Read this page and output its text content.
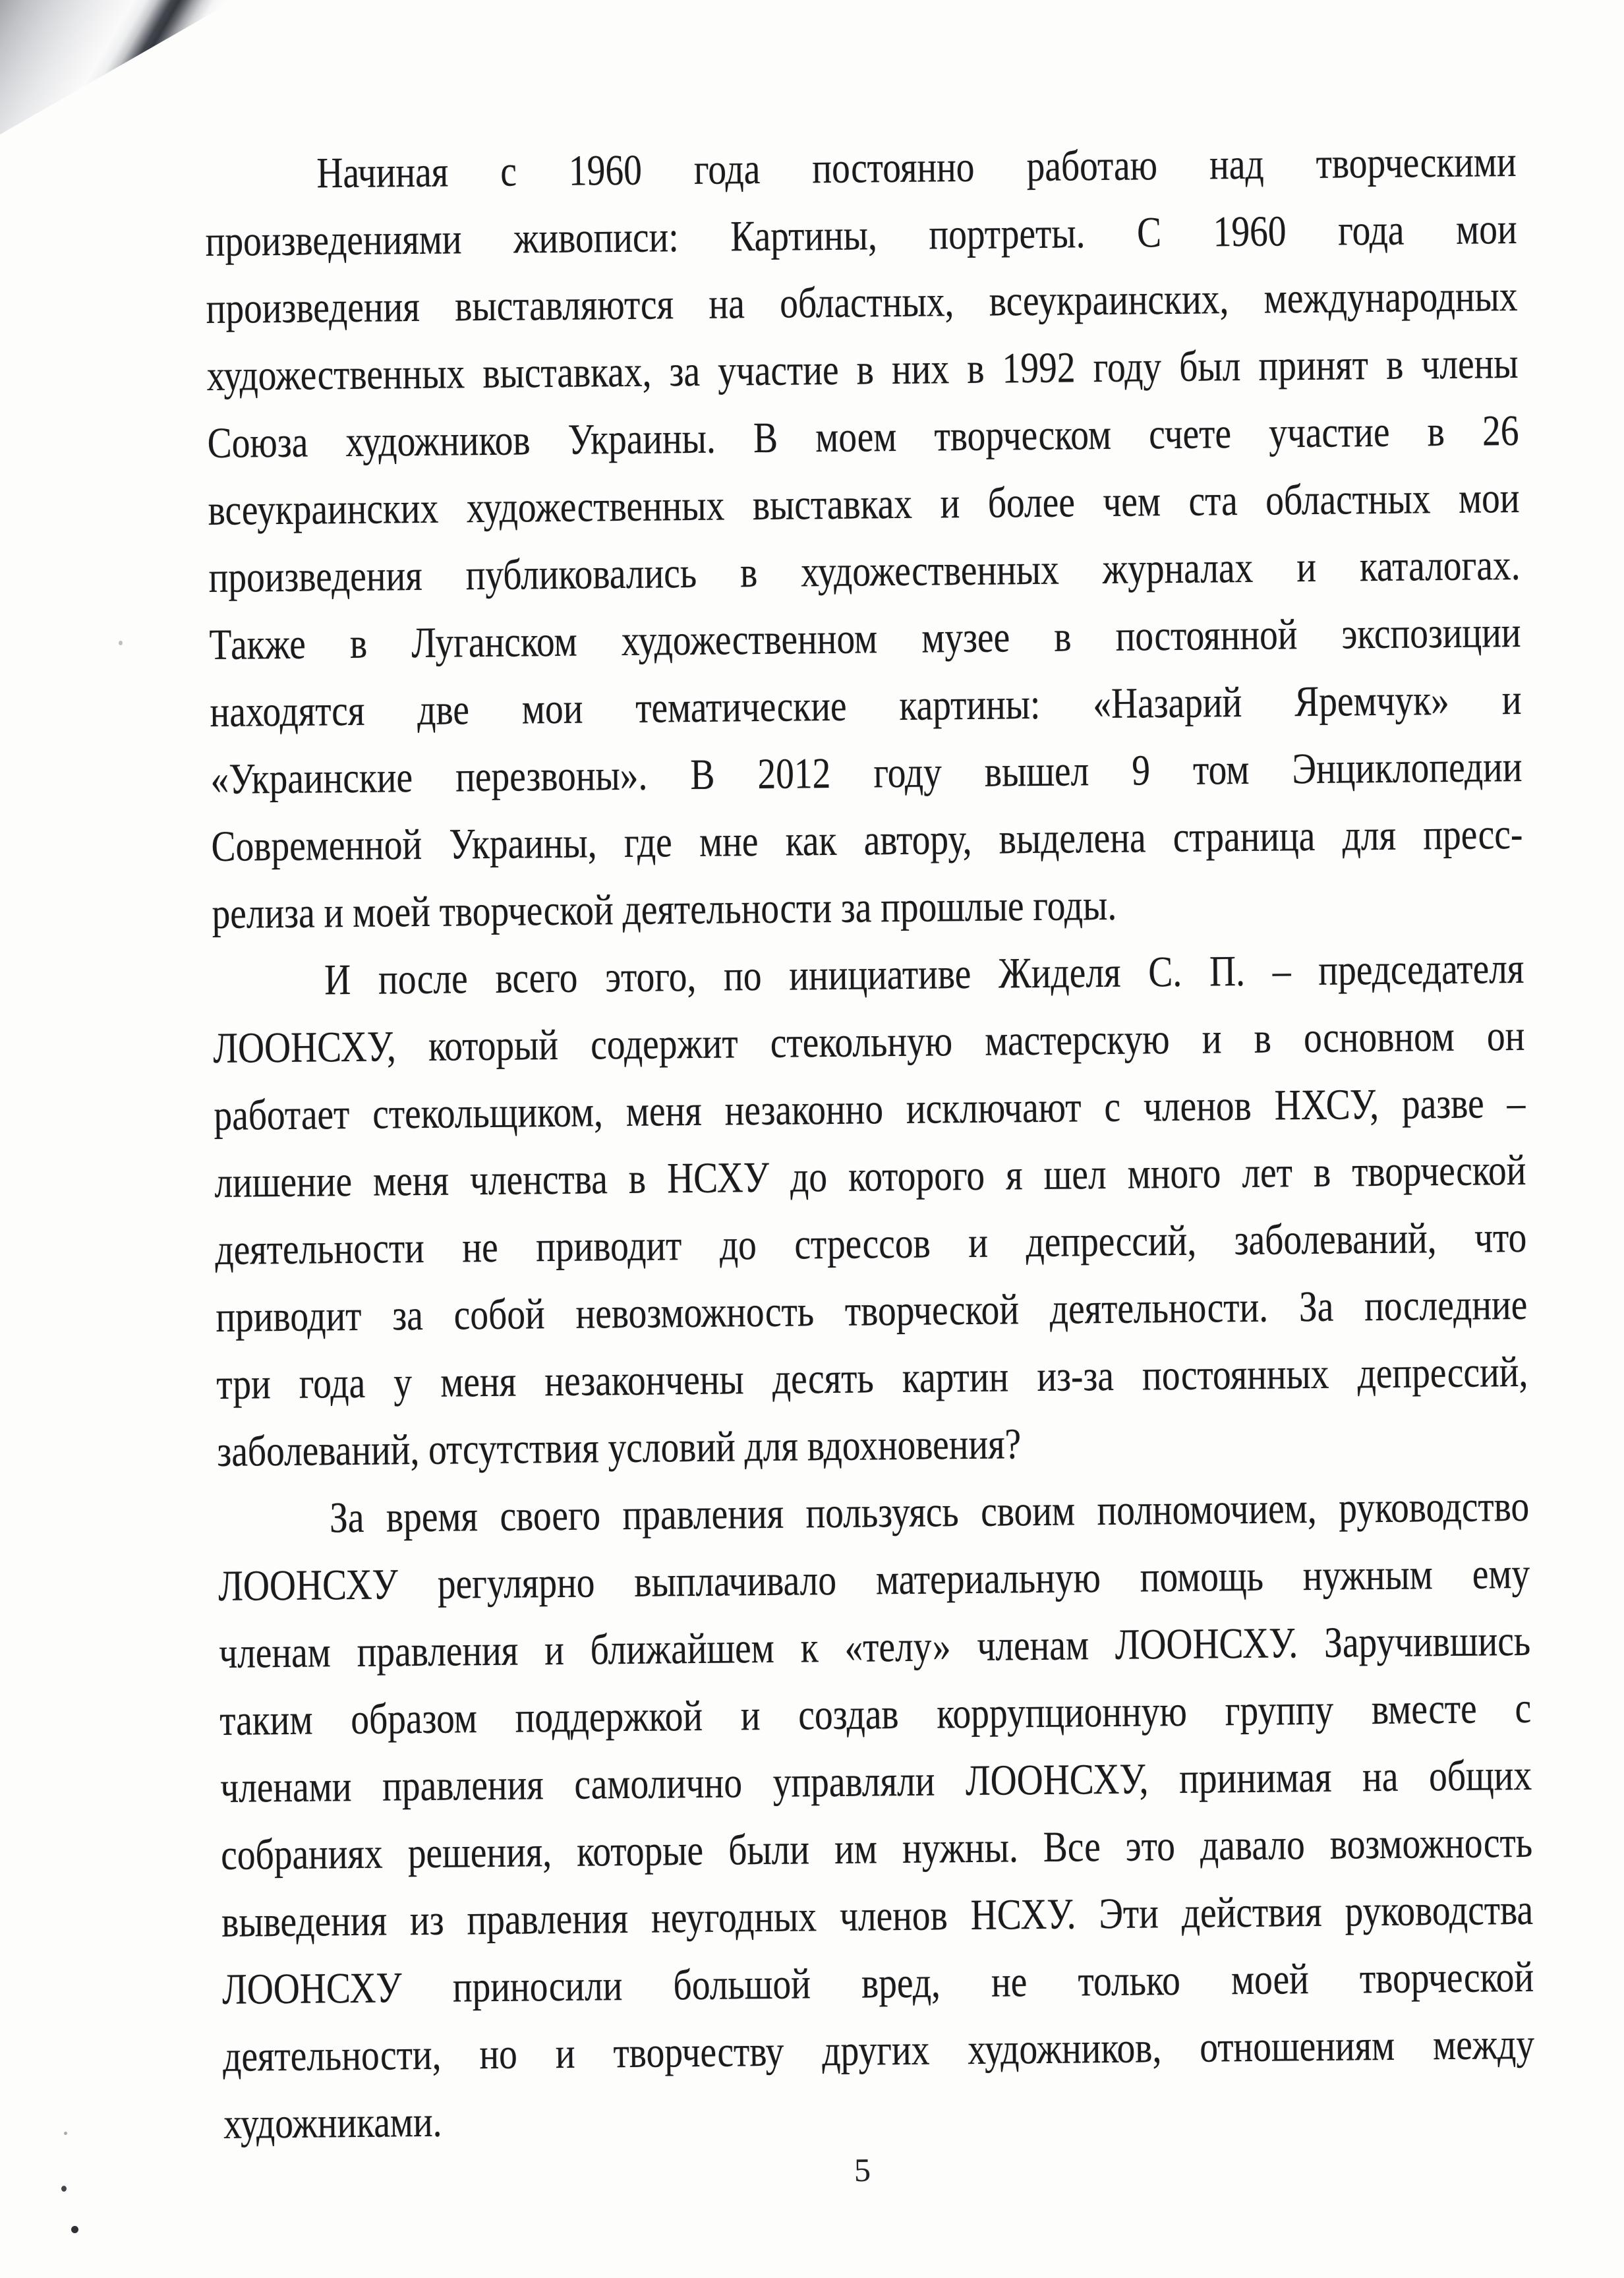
Начиная с 1960 года постоянно работаю над творческими
произведениями живописи: Картины, портреты. С 1960 года мои
произведения выставляются на областных, всеукраинских, международных
художественных выставках, за участие в них в 1992 году был принят в члены
Союза художников Украины. В моем творческом счете участие в 26
всеукраинских художественных выставках и более чем ста областных мои
произведения публиковались в художественных журналах и каталогах.
Также в Луганском художественном музее в постоянной экспозиции
находятся две мои тематические картины: «Назарий Яремчук» и
«Украинские перезвоны». В 2012 году вышел 9 том Энциклопедии
Современной Украины, где мне как автору, выделена страница для пресс-
релиза и моей творческой деятельности за прошлые годы.
И после всего этого, по инициативе Жиделя С. П. – председателя
ЛООНСХУ, который содержит стекольную мастерскую и в основном он
работает стекольщиком, меня незаконно исключают с членов НХСУ, разве –
лишение меня членства в НСХУ до которого я шел много лет в творческой
деятельности не приводит до стрессов и депрессий, заболеваний, что
приводит за собой невозможность творческой деятельности. За последние
три года у меня незакончены десять картин из-за постоянных депрессий,
заболеваний, отсутствия условий для вдохновения?
За время своего правления пользуясь своим полномочием, руководство
ЛООНСХУ регулярно выплачивало материальную помощь нужным ему
членам правления и ближайшем к «телу» членам ЛООНСХУ. Заручившись
таким образом поддержкой и создав коррупционную группу вместе с
членами правления самолично управляли ЛООНСХУ, принимая на общих
собраниях решения, которые были им нужны. Все это давало возможность
выведения из правления неугодных членов НСХУ. Эти действия руководства
ЛООНСХУ приносили большой вред, не только моей творческой
деятельности, но и творчеству других художников, отношениям между
художниками.
5
